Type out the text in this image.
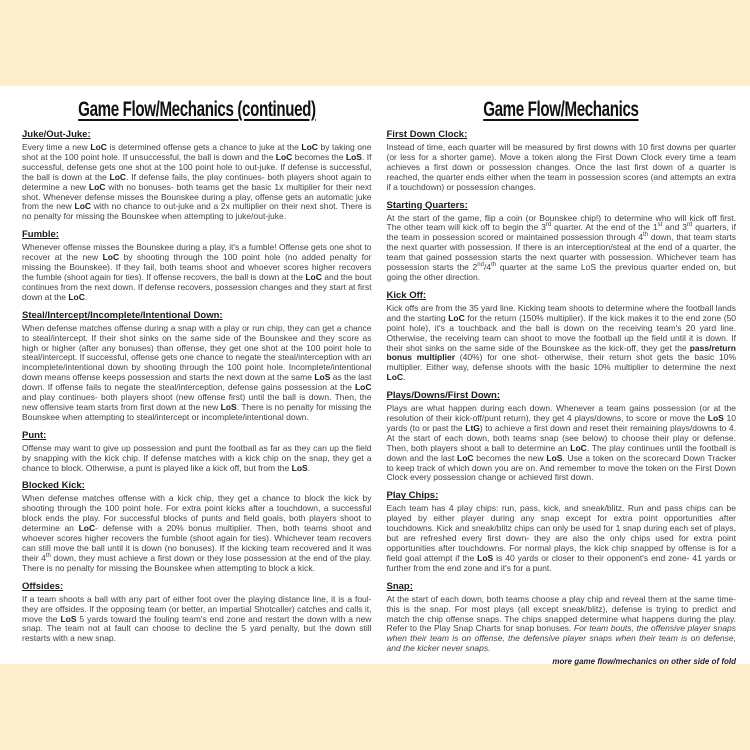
Game Flow/Mechanics (continued)
Juke/Out-Juke:

Every time a new LoC is determined offense gets a chance to juke at the LoC by taking one shot at the 100 point hole. If unsuccessful, the ball is down and the LoC becomes the LoS. If successful, defense gets one shot at the 100 point hole to out-juke. If defense is successful, the ball is down at the LoC. If defense fails, the play continues- both players shoot again to determine a new LoC with no bonuses- both teams get the basic 1x multiplier for their next shot. Whenever defense misses the Bounskee during a play, offense gets an automatic juke from the new LoC with no chance to out-juke and a 2x multiplier on their next shot. There is no penalty for missing the Bounskee when attempting to juke/out-juke.

Fumble:

Whenever offense misses the Bounskee during a play, it's a fumble! Offense gets one shot to recover at the new LoC by shooting through the 100 point hole (no added penalty for missing the Bounskee). If they fail, both teams shoot and whoever scores higher recovers the fumble (shoot again for ties). If offense recovers, the ball is down at the LoC and the bout continues from the next down. If defense recovers, possession changes and they start at first down at the LoC.

Steal/Intercept/Incomplete/Intentional Down:

When defense matches offense during a snap with a play or run chip, they can get a chance to steal/intercept. If their shot sinks on the same side of the Bounskee and they score as high or higher (after any bonuses) than offense, they get one shot at the 100 point hole to steal/intercept. If successful, offense gets one chance to negate the steal/interception with an incomplete/intentional down by shooting through the 100 point hole. Incomplete/intentional down means offense keeps possession and starts the next down at the same LoS as the last down. If offense fails to negate the steal/interception, defense gains possession at the LoC and play continues- both players shoot (new offense first) until the ball is down. Then, the new offensive team starts from first down at the new LoS. There is no penalty for missing the Bounskee when attempting to steal/intercept or incomplete/intentional down.

Punt:

Offense may want to give up possession and punt the football as far as they can up the field by snapping with the kick chip. If defense matches with a kick chip on the snap, they get a chance to block. Otherwise, a punt is played like a kick off, but from the LoS.

Blocked Kick:

When defense matches offense with a kick chip, they get a chance to block the kick by shooting through the 100 point hole. For extra point kicks after a touchdown, a successful block ends the play. For successful blocks of punts and field goals, both players shoot to determine an LoC- defense with a 20% bonus multiplier. Then, both teams shoot and whoever scores higher recovers the fumble (shoot again for ties). Whichever team recovers can still move the ball until it is down (no bonuses). If the kicking team recovered and it was their 4th down, they must achieve a first down or they lose possession at the end of the play. There is no penalty for missing the Bounskee when attempting to block a kick.

Offsides:

If a team shoots a ball with any part of either foot over the playing distance line, it is a foul- they are offsides. If the opposing team (or better, an impartial Shotcaller) catches and calls it, move the LoS 5 yards toward the fouling team's end zone and restart the down with a new snap. The team not at fault can choose to decline the 5 yard penalty, but the down still restarts with a new snap.

Game Flow/Mechanics
First Down Clock:

Instead of time, each quarter will be measured by first downs with 10 first downs per quarter (or less for a shorter game). Move a token along the First Down Clock every time a team achieves a first down or possession changes. Once the last first down of a quarter is reached, the quarter ends either when the team in possession scores (and attempts an extra if a touchdown) or possession changes.

Starting Quarters:

At the start of the game, flip a coin (or Bounskee chip!) to determine who will kick off first. The other team will kick off to begin the 3rd quarter. At the end of the 1st and 3rd quarters, if the team in possession scored or maintained possession through 4th down, that team starts the next quarter with possession. If there is an interception/steal at the end of a quarter, the team that gained possession starts the next quarter with possession. Whichever team has possession starts the 2nd/4th quarter at the same LoS the previous quarter ended on, but going the other direction.

Kick Off:

Kick offs are from the 35 yard line. Kicking team shoots to determine where the football lands and the starting LoC for the return (150% multiplier). If the kick makes it to the end zone (50 point hole), it's a touchback and the ball is down on the receiving team's 20 yard line. Otherwise, the receiving team can shoot to move the football up the field until it is down. If their shot sinks on the same side of the Bounskee as the kick-off, they get the pass/return bonus multiplier (40%) for one shot- otherwise, their return shot gets the basic 10% multiplier. Either way, defense shoots with the basic 10% multiplier to determine the next LoC.

Plays/Downs/First Down:

Plays are what happen during each down. Whenever a team gains possession (or at the resolution of their kick-off/punt return), they get 4 plays/downs, to score or move the LoS 10 yards (to or past the LtG) to achieve a first down and reset their remaining plays/downs to 4. At the start of each down, both teams snap (see below) to choose their play or defense. Then, both players shoot a ball to determine an LoC. The play continues until the football is down and the last LoC becomes the new LoS. Use a token on the scorecard Down Tracker to keep track of which down you are on. And remember to move the token on the First Down Clock every possession change or achieved first down.

Play Chips:

Each team has 4 play chips: run, pass, kick, and sneak/blitz. Run and pass chips can be played by either player during any snap except for extra point opportunities after touchdowns. Kick and sneak/blitz chips can only be used for 1 snap during each set of plays, but are refreshed every first down- they are also the only chips used for extra point opportunities after touchdowns. For normal plays, the kick chip snapped by offense is for a field goal attempt if the LoS is 40 yards or closer to their opponent's end zone- 41 yards or further from the end zone and it's for a punt.

Snap:

At the start of each down, both teams choose a play chip and reveal them at the same time- this is the snap. For most plays (all except sneak/blitz), defense is trying to predict and match the chip offense snaps. The chips snapped determine what happens during the play. Refer to the Play Snap Charts for snap bonuses. For team bouts, the offensive player snaps when their team is on offense, the defensive player snaps when their team is on defense, and the kicker never snaps.

more game flow/mechanics on other side of fold
